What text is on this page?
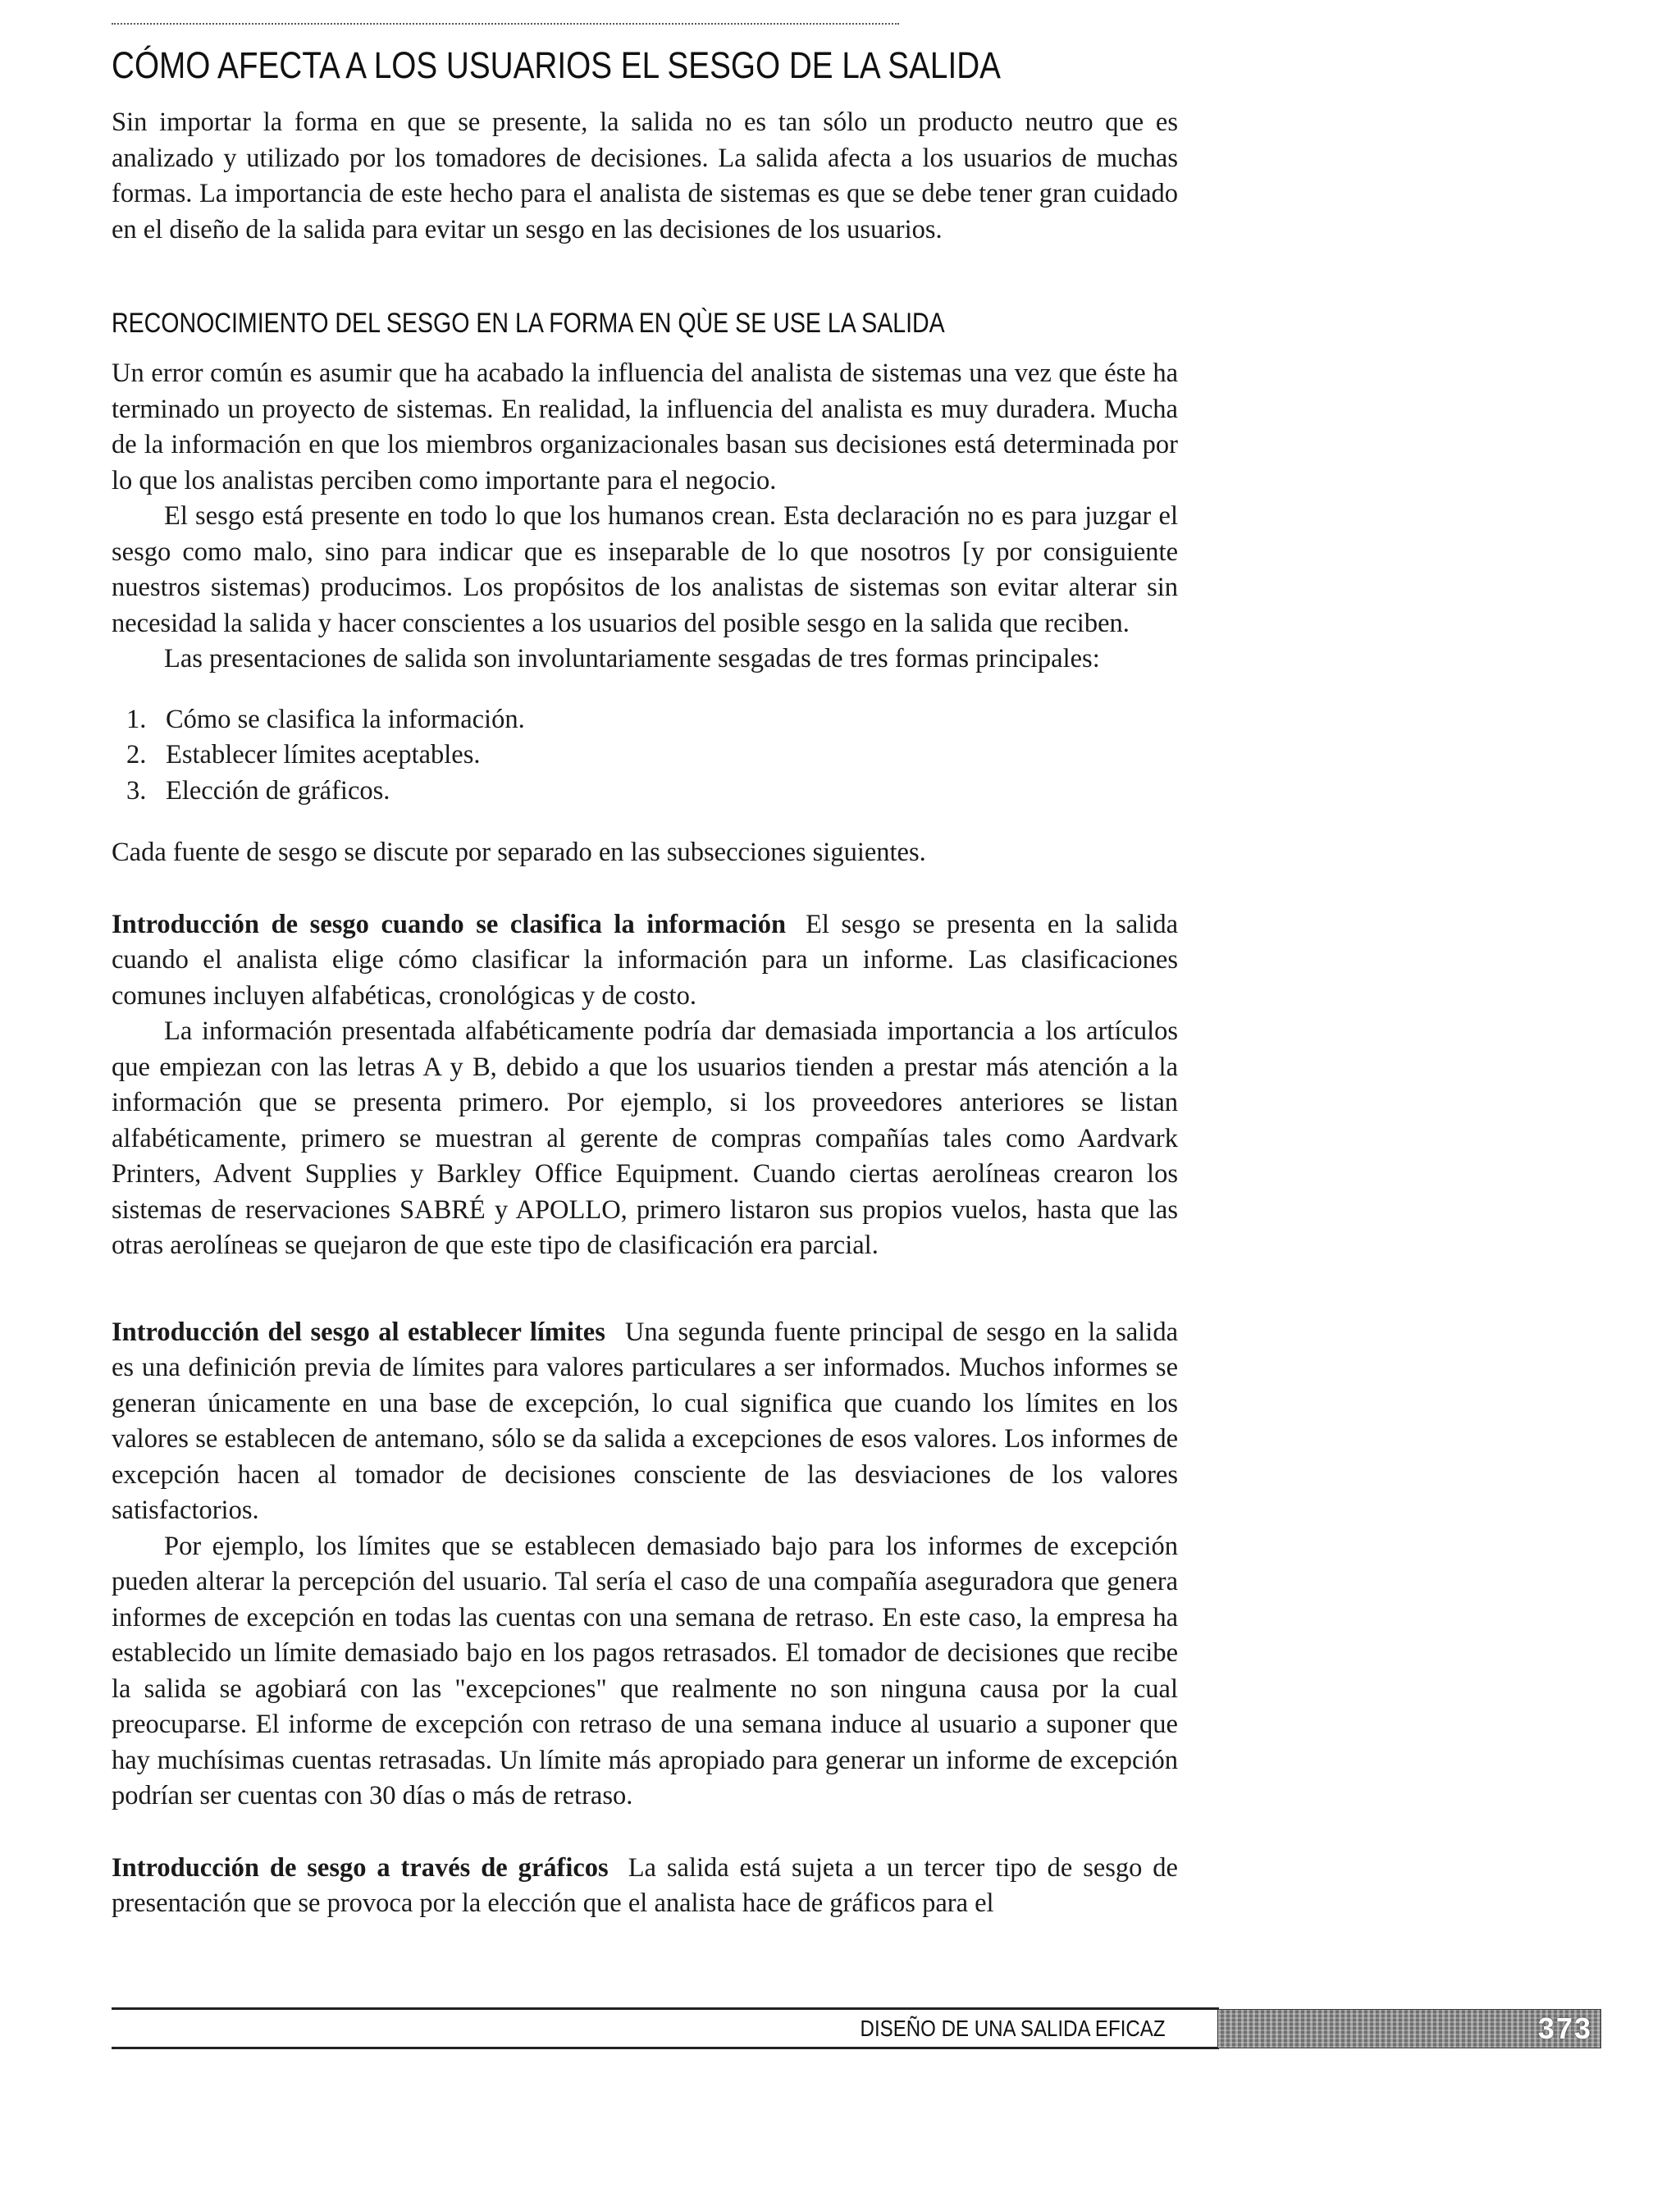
CÓMO AFECTA A LOS USUARIOS EL SESGO DE LA SALIDA

Sin importar la forma en que se presente, la salida no es tan sólo un producto neutro que es analizado y utilizado por los tomadores de decisiones. La salida afecta a los usuarios de muchas formas. La importancia de este hecho para el analista de sistemas es que se debe tener gran cuidado en el diseño de la salida para evitar un sesgo en las decisiones de los usuarios.

RECONOCIMIENTO DEL SESGO EN LA FORMA EN QÙE SE USE LA SALIDA

Un error común es asumir que ha acabado la influencia del analista de sistemas una vez que éste ha terminado un proyecto de sistemas. En realidad, la influencia del analista es muy duradera. Mucha de la información en que los miembros organizacionales basan sus decisiones está determinada por lo que los analistas perciben como importante para el negocio.

El sesgo está presente en todo lo que los humanos crean. Esta declaración no es para juzgar el sesgo como malo, sino para indicar que es inseparable de lo que nosotros [y por consiguiente nuestros sistemas) producimos. Los propósitos de los analistas de sistemas son evitar alterar sin necesidad la salida y hacer conscientes a los usuarios del posible sesgo en la salida que reciben.

Las presentaciones de salida son involuntariamente sesgadas de tres formas principales:

1. Cómo se clasifica la información.
2. Establecer límites aceptables.
3. Elección de gráficos.

Cada fuente de sesgo se discute por separado en las subsecciones siguientes.

Introducción de sesgo cuando se clasifica la información El sesgo se presenta en la salida cuando el analista elige cómo clasificar la información para un informe. Las clasificaciones comunes incluyen alfabéticas, cronológicas y de costo.

La información presentada alfabéticamente podría dar demasiada importancia a los artículos que empiezan con las letras A y B, debido a que los usuarios tienden a prestar más atención a la información que se presenta primero. Por ejemplo, si los proveedores anteriores se listan alfabéticamente, primero se muestran al gerente de compras compañías tales como Aardvark Printers, Advent Supplies y Barkley Office Equipment. Cuando ciertas aerolíneas crearon los sistemas de reservaciones SABRÉ y APOLLO, primero listaron sus propios vuelos, hasta que las otras aerolíneas se quejaron de que este tipo de clasificación era parcial.

Introducción del sesgo al establecer límites Una segunda fuente principal de sesgo en la salida es una definición previa de límites para valores particulares a ser informados. Muchos informes se generan únicamente en una base de excepción, lo cual significa que cuando los límites en los valores se establecen de antemano, sólo se da salida a excepciones de esos valores. Los informes de excepción hacen al tomador de decisiones consciente de las desviaciones de los valores satisfactorios.

Por ejemplo, los límites que se establecen demasiado bajo para los informes de excepción pueden alterar la percepción del usuario. Tal sería el caso de una compañía aseguradora que genera informes de excepción en todas las cuentas con una semana de retraso. En este caso, la empresa ha establecido un límite demasiado bajo en los pagos retrasados. El tomador de decisiones que recibe la salida se agobiará con las "excepciones" que realmente no son ninguna causa por la cual preocuparse. El informe de excepción con retraso de una semana induce al usuario a suponer que hay muchísimas cuentas retrasadas. Un límite más apropiado para generar un informe de excepción podrían ser cuentas con 30 días o más de retraso.

Introducción de sesgo a través de gráficos La salida está sujeta a un tercer tipo de sesgo de presentación que se provoca por la elección que el analista hace de gráficos para el

DISEÑO DE UNA SALIDA EFICAZ	373
